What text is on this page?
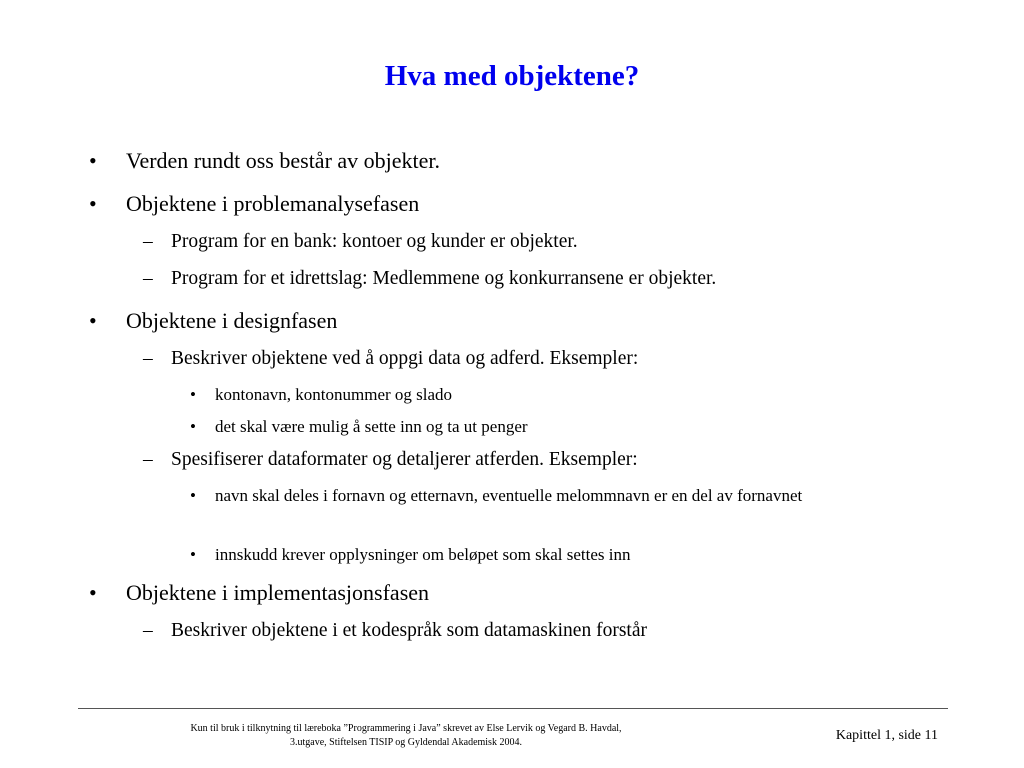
Hva med objektene?
• Verden rundt oss består av objekter.
• Objektene i problemanalysefasen
– Program for en bank: kontoer og kunder er objekter.
– Program for et idrettslag: Medlemmene og konkurransene er objekter.
• Objektene i designfasen
– Beskriver objektene ved å oppgi data og adferd. Eksempler:
• kontonavn, kontonummer og slado
• det skal være mulig å sette inn og ta ut penger
– Spesifiserer dataformater og detaljerer atferden. Eksempler:
• navn skal deles i fornavn og etternavn, eventuelle melommnavn er en del av fornavnet
• innskudd krever opplysninger om beløpet som skal settes inn
• Objektene i implementasjonsfasen
– Beskriver objektene i et kodespråk som datamaskinen forstår
Kun til bruk i tilknytning til læreboka ”Programmering i Java” skrevet av Else Lervik og Vegard B. Havdal,
3.utgave, Stiftelsen TISIP og Gyldendal Akademisk 2004.	Kapittel 1, side 11
